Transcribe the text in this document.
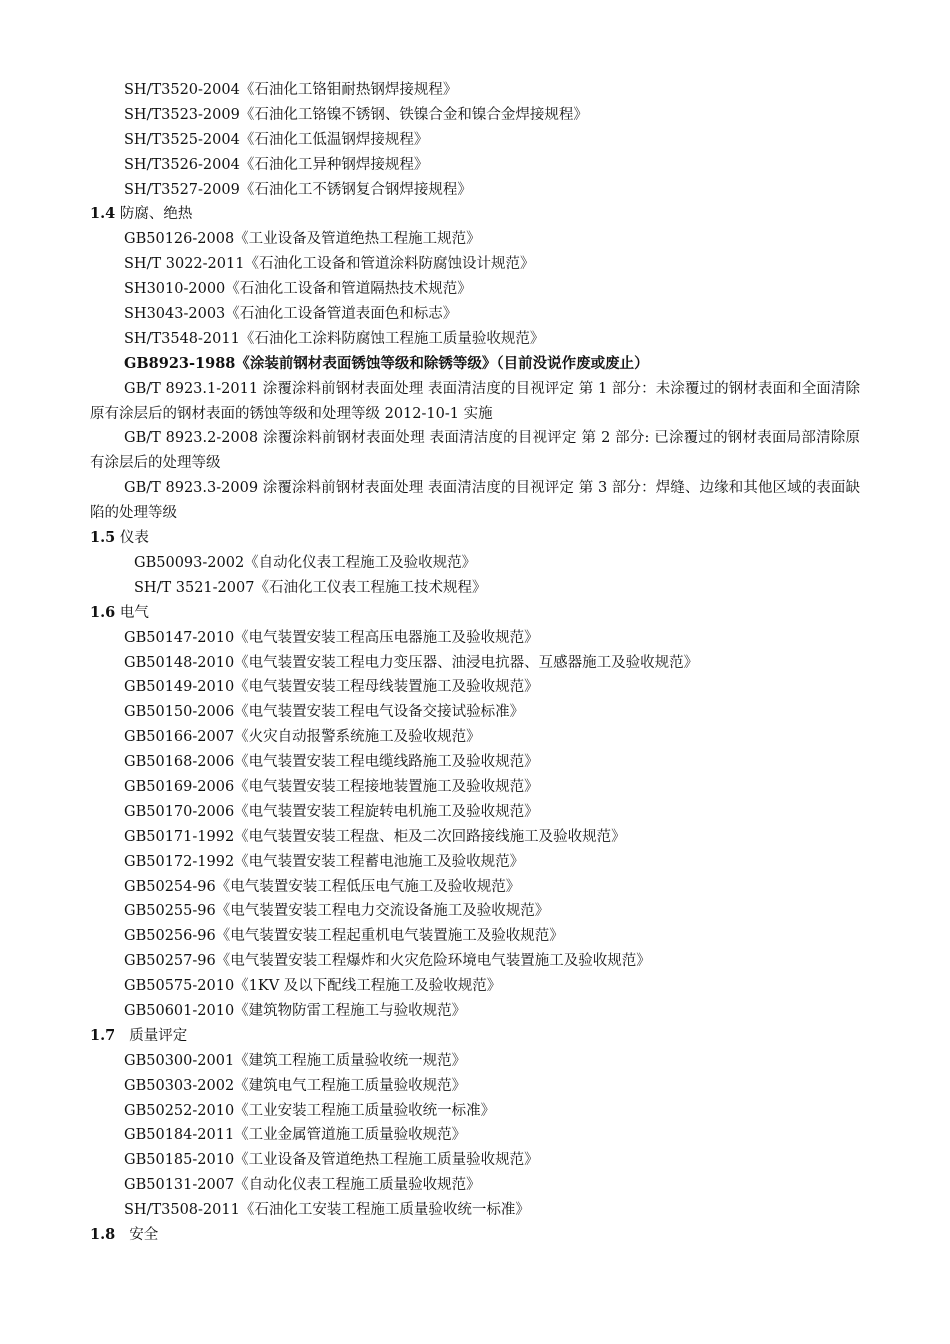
SH/T3520-2004《石油化工铬钼耐热钢焊接规程》
SH/T3523-2009《石油化工铬镍不锈钢、铁镍合金和镍合金焊接规程》
SH/T3525-2004《石油化工低温钢焊接规程》
SH/T3526-2004《石油化工异种钢焊接规程》
SH/T3527-2009《石油化工不锈钢复合钢焊接规程》
1.4 防腐、绝热
GB50126-2008《工业设备及管道绝热工程施工规范》
SH/T 3022-2011《石油化工设备和管道涂料防腐蚀设计规范》
SH3010-2000《石油化工设备和管道隔热技术规范》
SH3043-2003《石油化工设备管道表面色和标志》
SH/T3548-2011《石油化工涂料防腐蚀工程施工质量验收规范》
GB8923-1988《涂装前钢材表面锈蚀等级和除锈等级》（目前没说作废或废止）
GB/T 8923.1-2011 涂覆涂料前钢材表面处理 表面清洁度的目视评定 第 1 部分：未涂覆过的钢材表面和全面清除原有涂层后的钢材表面的锈蚀等级和处理等级 2012-10-1 实施
GB/T 8923.2-2008 涂覆涂料前钢材表面处理 表面清洁度的目视评定 第 2 部分: 已涂覆过的钢材表面局部清除原有涂层后的处理等级
GB/T 8923.3-2009 涂覆涂料前钢材表面处理 表面清洁度的目视评定 第 3 部分：焊缝、边缘和其他区域的表面缺陷的处理等级
1.5 仪表
GB50093-2002《自动化仪表工程施工及验收规范》
SH/T 3521-2007《石油化工仪表工程施工技术规程》
1.6 电气
GB50147-2010《电气装置安装工程高压电器施工及验收规范》
GB50148-2010《电气装置安装工程电力变压器、油浸电抗器、互感器施工及验收规范》
GB50149-2010《电气装置安装工程母线装置施工及验收规范》
GB50150-2006《电气装置安装工程电气设备交接试验标准》
GB50166-2007《火灾自动报警系统施工及验收规范》
GB50168-2006《电气装置安装工程电缆线路施工及验收规范》
GB50169-2006《电气装置安装工程接地装置施工及验收规范》
GB50170-2006《电气装置安装工程旋转电机施工及验收规范》
GB50171-1992《电气装置安装工程盘、柜及二次回路接线施工及验收规范》
GB50172-1992《电气装置安装工程蓄电池施工及验收规范》
GB50254-96《电气装置安装工程低压电气施工及验收规范》
GB50255-96《电气装置安装工程电力交流设备施工及验收规范》
GB50256-96《电气装置安装工程起重机电气装置施工及验收规范》
GB50257-96《电气装置安装工程爆炸和火灾危险环境电气装置施工及验收规范》
GB50575-2010《1KV 及以下配线工程施工及验收规范》
GB50601-2010《建筑物防雷工程施工与验收规范》
1.7 质量评定
GB50300-2001《建筑工程施工质量验收统一规范》
GB50303-2002《建筑电气工程施工质量验收规范》
GB50252-2010《工业安装工程施工质量验收统一标准》
GB50184-2011《工业金属管道施工质量验收规范》
GB50185-2010《工业设备及管道绝热工程施工质量验收规范》
GB50131-2007《自动化仪表工程施工质量验收规范》
SH/T3508-2011《石油化工安装工程施工质量验收统一标准》
1.8 安全
